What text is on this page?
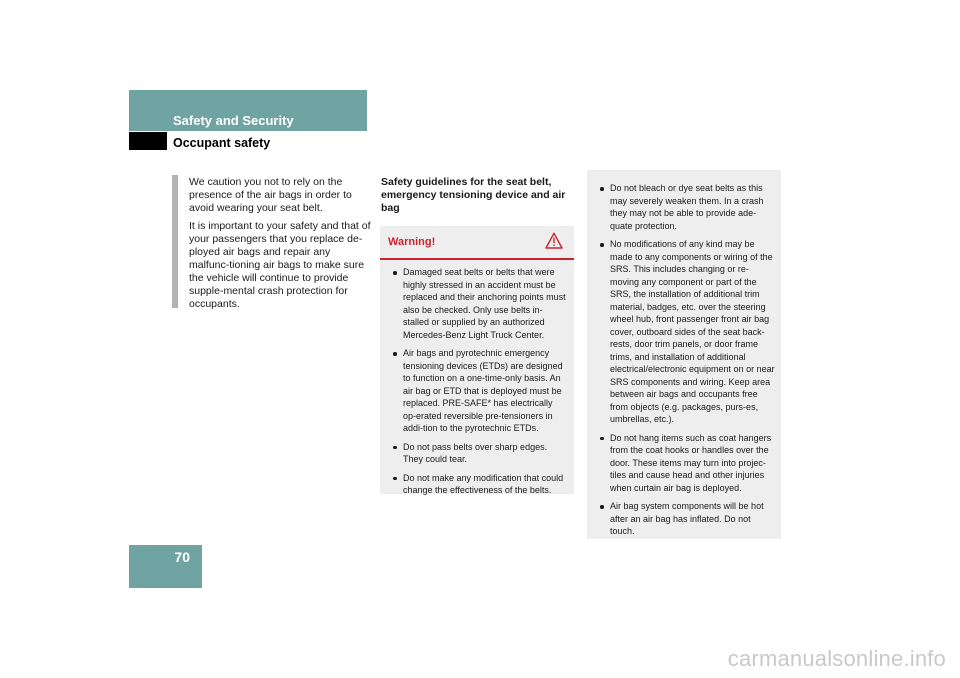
Safety and Security
Occupant safety

We caution you not to rely on the presence of the air bags in order to avoid wearing your seat belt.

It is important to your safety and that of your passengers that you replace de-ployed air bags and repair any malfunc-tioning air bags to make sure the vehicle will continue to provide supple-mental crash protection for occupants.

Safety guidelines for the seat belt, emergency tensioning device and air bag
Warning!
Damaged seat belts or belts that were highly stressed in an accident must be replaced and their anchoring points must also be checked. Only use belts in-stalled or supplied by an authorized Mercedes-Benz Light Truck Center.
Air bags and pyrotechnic emergency tensioning devices (ETDs) are designed to function on a one-time-only basis. An air bag or ETD that is deployed must be replaced. PRE-SAFE* has electrically op-erated reversible pre-tensioners in addi-tion to the pyrotechnic ETDs.
Do not pass belts over sharp edges. They could tear.
Do not make any modification that could change the effectiveness of the belts.
Do not bleach or dye seat belts as this may severely weaken them. In a crash they may not be able to provide ade-quate protection.
No modifications of any kind may be made to any components or wiring of the SRS. This includes changing or re-moving any component or part of the SRS, the installation of additional trim material, badges, etc. over the steering wheel hub, front passenger front air bag cover, outboard sides of the seat back-rests, door trim panels, or door frame trims, and installation of additional electrical/electronic equipment on or near SRS components and wiring. Keep area between air bags and occupants free from objects (e.g. packages, purs-es, umbrellas, etc.).
Do not hang items such as coat hangers from the coat hooks or handles over the door. These items may turn into projec-tiles and cause head and other injuries when curtain air bag is deployed.
Air bag system components will be hot after an air bag has inflated. Do not touch.
70
carmanualsonline.info
